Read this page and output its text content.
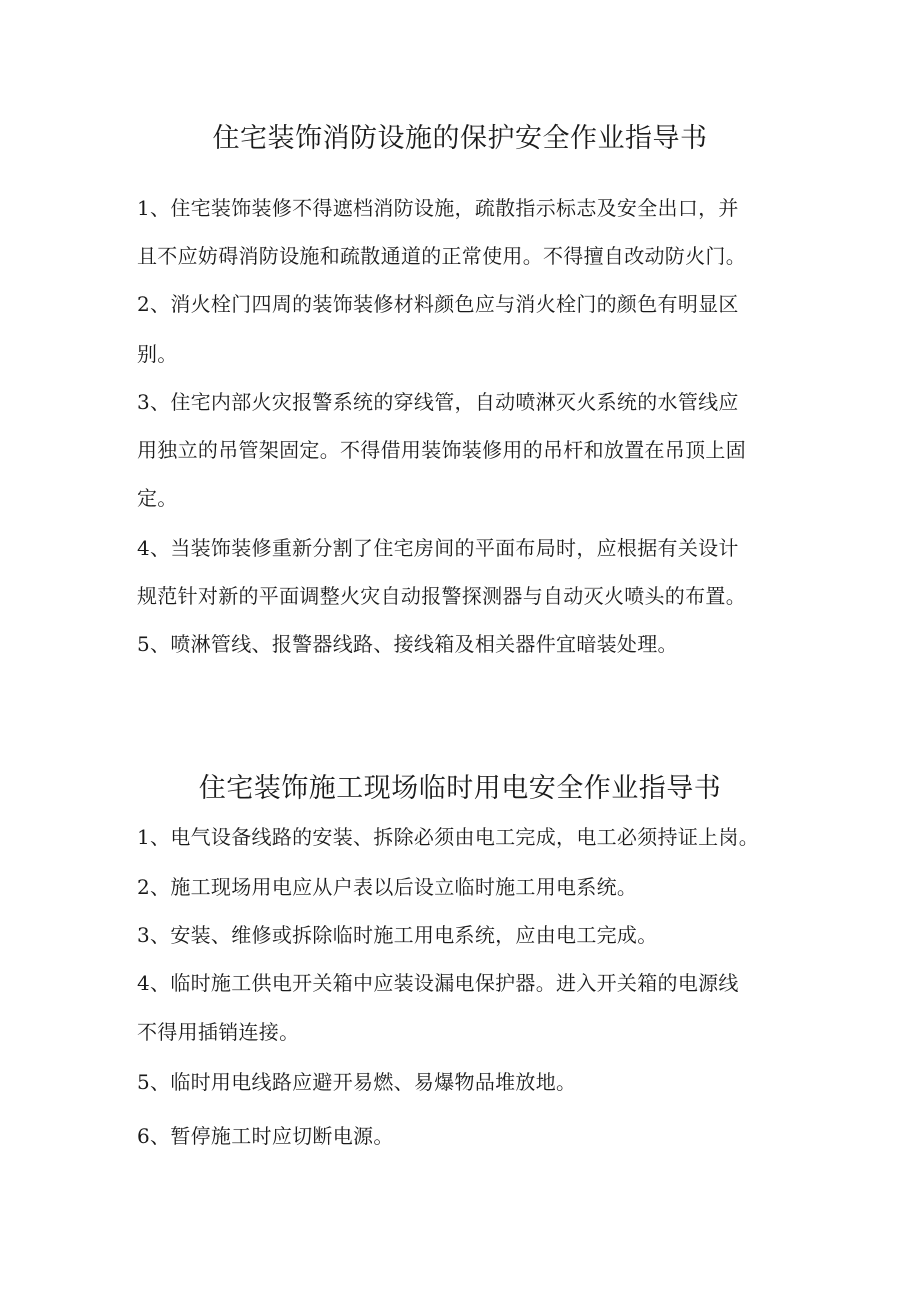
住宅装饰消防设施的保护安全作业指导书
1、住宅装饰装修不得遮档消防设施，疏散指示标志及安全出口，并
且不应妨碍消防设施和疏散通道的正常使用。不得擅自改动防火门。
2、消火栓门四周的装饰装修材料颜色应与消火栓门的颜色有明显区
别。
3、住宅内部火灾报警系统的穿线管，自动喷淋灭火系统的水管线应
用独立的吊管架固定。不得借用装饰装修用的吊杆和放置在吊顶上固
定。
4、当装饰装修重新分割了住宅房间的平面布局时，应根据有关设计
规范针对新的平面调整火灾自动报警探测器与自动灭火喷头的布置。
5、喷淋管线、报警器线路、接线箱及相关器件宜暗装处理。
住宅装饰施工现场临时用电安全作业指导书
1、电气设备线路的安装、拆除必须由电工完成，电工必须持证上岗。
2、施工现场用电应从户表以后设立临时施工用电系统。
3、安装、维修或拆除临时施工用电系统，应由电工完成。
4、临时施工供电开关箱中应装设漏电保护器。进入开关箱的电源线
不得用插销连接。
5、临时用电线路应避开易燃、易爆物品堆放地。
6、暂停施工时应切断电源。
